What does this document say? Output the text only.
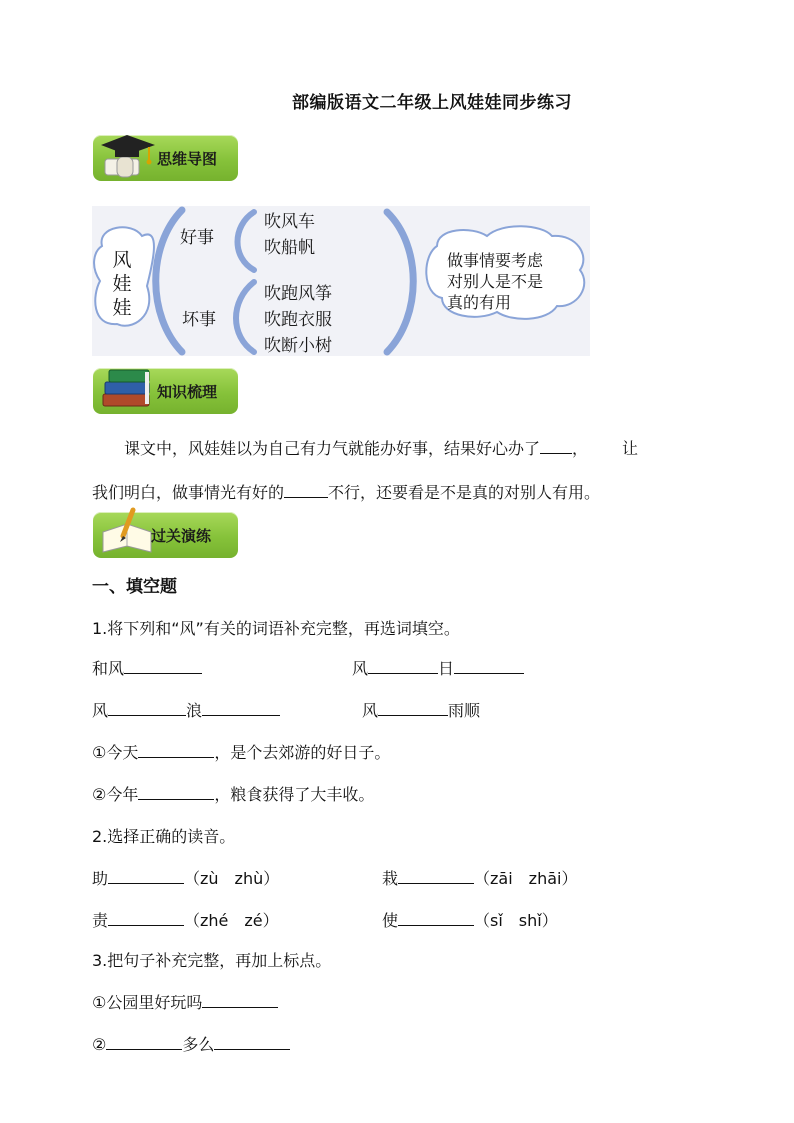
部编版语文二年级上风娃娃同步练习
思维导图
风
娃
娃
好事
吹风车
吹船帆
坏事
吹跑风筝
吹跑衣服
吹断小树
做事情要考虑
对别人是不是
真的有用
知识梳理
课文中，风娃娃以为自己有力气就能办好事，结果好心办了 ， 让
我们明白，做事情光有好的	不行，还要看是不是真的对别人有用。
过关演练
一、填空题
1.将下列和“风”有关的词语补充完整，再选词填空。
和风	风	日
风	浪	风	雨顺
①今天	，是个去郊游的好日子。
②今年	，粮食获得了大丰收。
2.选择正确的读音。
助	（zù　zhù）	栽	（zāi　zhāi）
责	（zhé　zé）	使	（sǐ　shǐ）
3.把句子补充完整，再加上标点。
①公园里好玩吗
②	多么
